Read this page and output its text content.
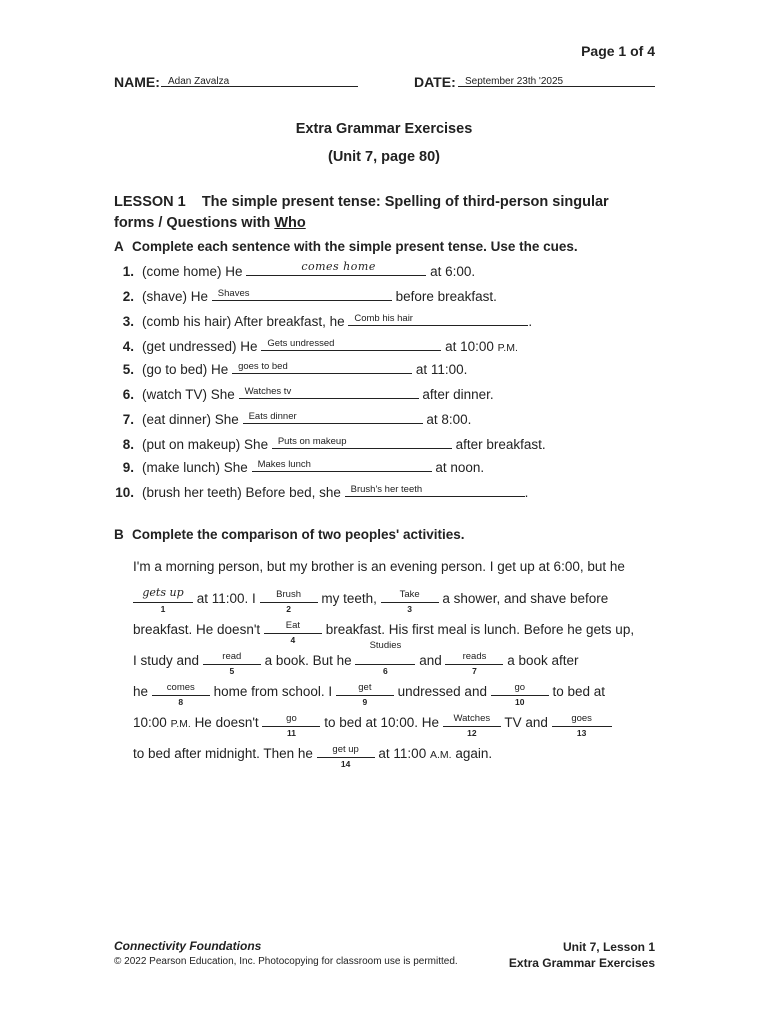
Page 1 of 4
NAME: Adan Zavalza	DATE: September 23th '2025
Extra Grammar Exercises
(Unit 7, page 80)
LESSON 1    The simple present tense: Spelling of third-person singular forms / Questions with Who
A Complete each sentence with the simple present tense. Use the cues.
1. (come home) He	comes home	at 6:00.
2. (shave) He Shaves	before breakfast.
3. (comb his hair) After breakfast, he Comb his hair	.
4. (get undressed) He Gets undressed	at 10:00 P.M.
5. (go to bed) He goes to bed	at 11:00.
6. (watch TV) She Watches tv	after dinner.
7. (eat dinner) She Eats dinner	at 8:00.
8. (put on makeup) She Puts on makeup	after breakfast.
9. (make lunch) She Makes lunch	at noon.
10. (brush her teeth) Before bed, she Brush's her teeth	.
B Complete the comparison of two peoples' activities.
I'm a morning person, but my brother is an evening person. I get up at 6:00, but he
gets up
1
at 11:00. I	Brush
2
my teeth,	Take
3
a shower, and shave before
breakfast. He doesn't	Eat
4
breakfast. His first meal is lunch. Before he gets up,
I study and	read
5
a book. But he
Studies
6
and	reads
7
a book after
he	comes
8
home from school. I	get
9
undressed and	go
10
to bed at
10:00 P.M. He doesn't	go
11
to bed at 10:00. He	Watches
12
TV and	goes
13
to bed after midnight. Then he	get up
14
at 11:00 A.M. again.
Connectivity Foundations
© 2022 Pearson Education, Inc. Photocopying for classroom use is permitted.
Unit 7, Lesson 1
Extra Grammar Exercises
